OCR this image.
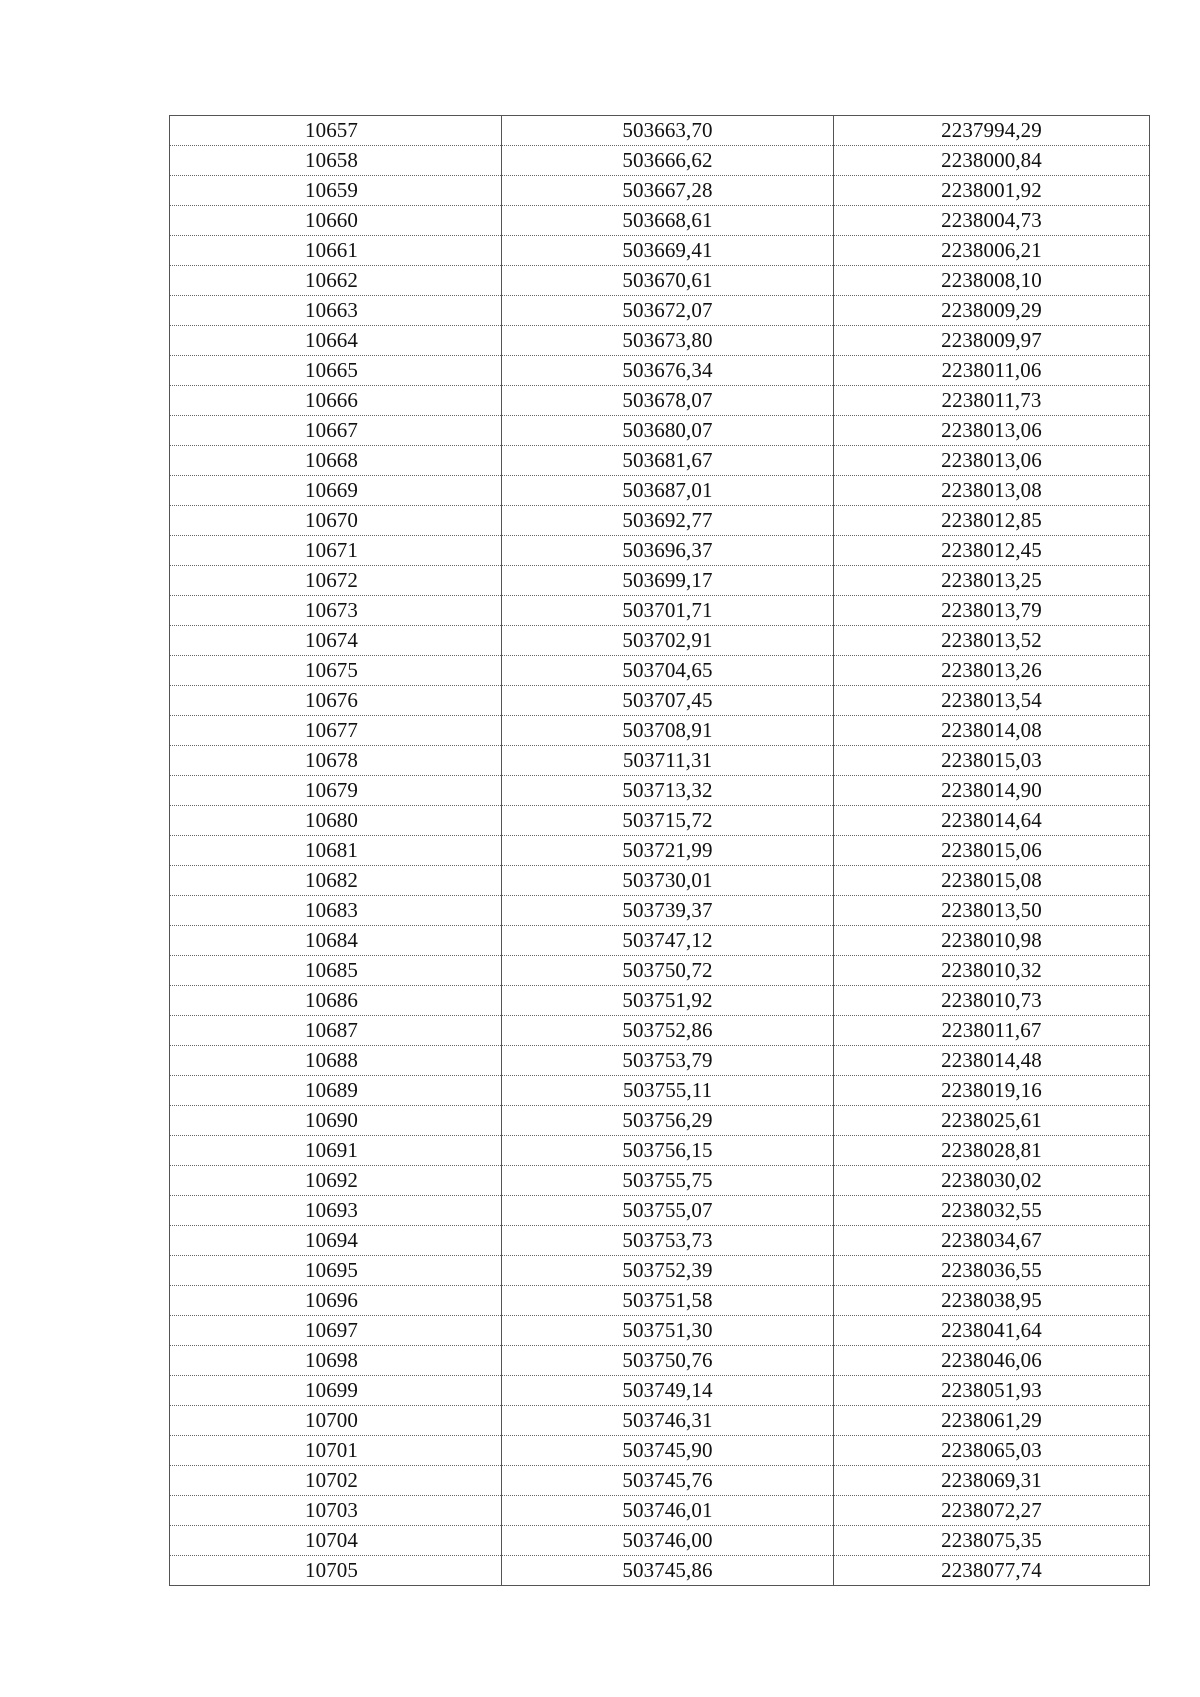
10657	503663,70	2237994,29
10658	503666,62	2238000,84
10659	503667,28	2238001,92
10660	503668,61	2238004,73
10661	503669,41	2238006,21
10662	503670,61	2238008,10
10663	503672,07	2238009,29
10664	503673,80	2238009,97
10665	503676,34	2238011,06
10666	503678,07	2238011,73
10667	503680,07	2238013,06
10668	503681,67	2238013,06
10669	503687,01	2238013,08
10670	503692,77	2238012,85
10671	503696,37	2238012,45
10672	503699,17	2238013,25
10673	503701,71	2238013,79
10674	503702,91	2238013,52
10675	503704,65	2238013,26
10676	503707,45	2238013,54
10677	503708,91	2238014,08
10678	503711,31	2238015,03
10679	503713,32	2238014,90
10680	503715,72	2238014,64
10681	503721,99	2238015,06
10682	503730,01	2238015,08
10683	503739,37	2238013,50
10684	503747,12	2238010,98
10685	503750,72	2238010,32
10686	503751,92	2238010,73
10687	503752,86	2238011,67
10688	503753,79	2238014,48
10689	503755,11	2238019,16
10690	503756,29	2238025,61
10691	503756,15	2238028,81
10692	503755,75	2238030,02
10693	503755,07	2238032,55
10694	503753,73	2238034,67
10695	503752,39	2238036,55
10696	503751,58	2238038,95
10697	503751,30	2238041,64
10698	503750,76	2238046,06
10699	503749,14	2238051,93
10700	503746,31	2238061,29
10701	503745,90	2238065,03
10702	503745,76	2238069,31
10703	503746,01	2238072,27
10704	503746,00	2238075,35
10705	503745,86	2238077,74
